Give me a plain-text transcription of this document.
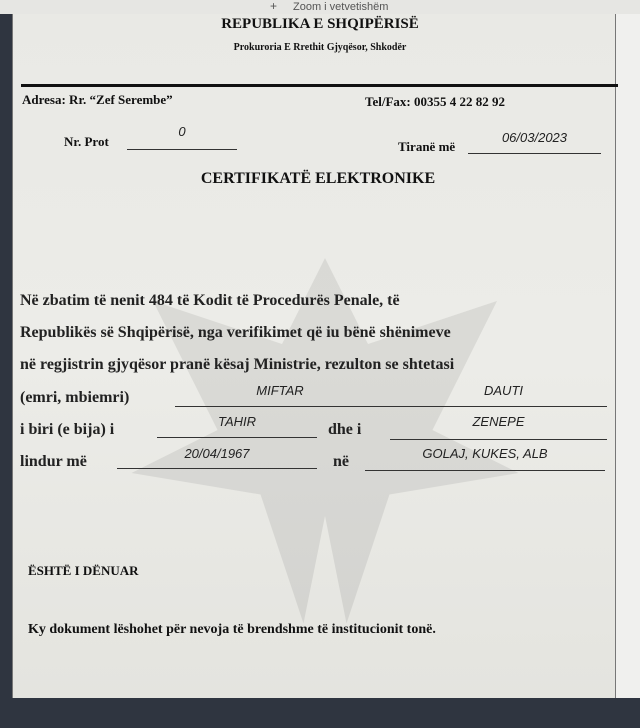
+ Zoom i vetvetishëm
REPUBLIKA E SHQIPËRISË
Prokuroria E Rrethit Gjyqësor, Shkodër
Adresa: Rr. “Zef Serembe”	Tel/Fax: 00355 4 22 82 92
Nr. Prot
0
Tiranë më
06/03/2023
CERTIFIKATË ELEKTRONIKE
Në zbatim të nenit 484 të Kodit të Procedurës Penale, të
Republikës së Shqipërisë, nga verifikimet që iu bënë shënimeve
në regjistrin gjyqësor pranë kësaj Ministrie, rezulton se shtetasi
(emri, mbiemri)	MIFTAR	DAUTI
i biri (e bija) i	TAHIR	dhe i	ZENEPE
lindur më	20/04/1967	në	GOLAJ, KUKES, ALB
ËSHTË I DËNUAR
Ky dokument lëshohet për nevoja të brendshme të institucionit tonë.
